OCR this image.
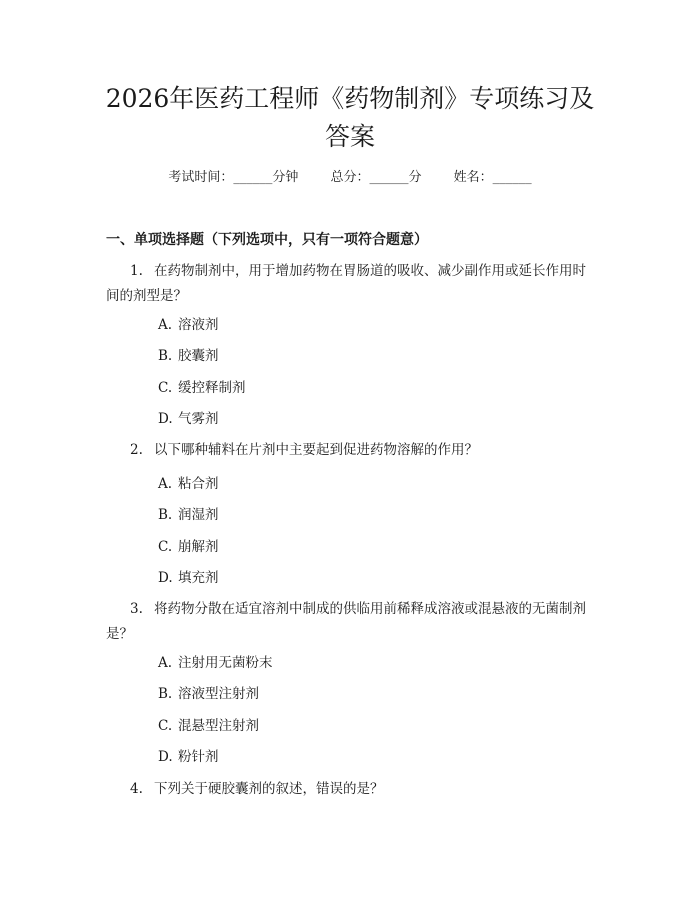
2026年医药工程师《药物制剂》专项练习及
答案
考试时间：______分钟 总分：______分 姓名：______
一、单项选择题（下列选项中，只有一项符合题意）
1. 在药物制剂中，用于增加药物在胃肠道的吸收、减少副作用或延长作用时间的剂型是？
A. 溶液剂
B. 胶囊剂
C. 缓控释制剂
D. 气雾剂
2. 以下哪种辅料在片剂中主要起到促进药物溶解的作用？
A. 粘合剂
B. 润湿剂
C. 崩解剂
D. 填充剂
3. 将药物分散在适宜溶剂中制成的供临用前稀释成溶液或混悬液的无菌制剂是？
A. 注射用无菌粉末
B. 溶液型注射剂
C. 混悬型注射剂
D. 粉针剂
4. 下列关于硬胶囊剂的叙述，错误的是？
